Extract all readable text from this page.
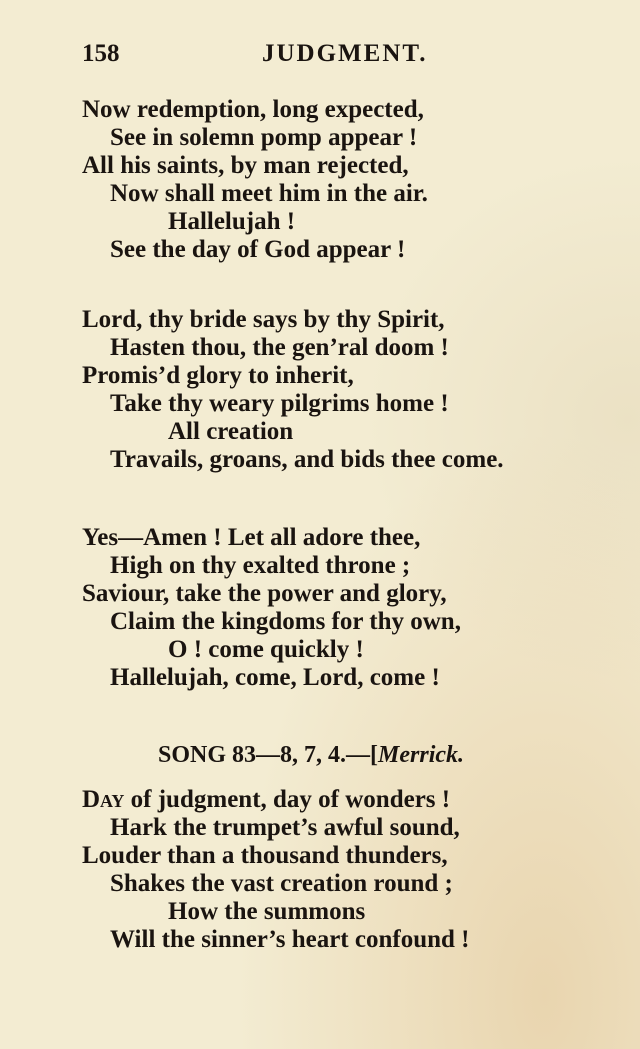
158	JUDGMENT.
Now redemption, long expected,
See in solemn pomp appear !
All his saints, by man rejected,
Now shall meet him in the air.
Hallelujah !
See the day of God appear !
Lord, thy bride says by thy Spirit,
Hasten thou, the gen’ral doom !
Promis’d glory to inherit,
Take thy weary pilgrims home !
All creation
Travails, groans, and bids thee come.
Yes—Amen ! Let all adore thee,
High on thy exalted throne ;
Saviour, take the power and glory,
Claim the kingdoms for thy own,
O ! come quickly !
Hallelujah, come, Lord, come !
SONG 83—8, 7, 4.—[Merrick.
Day of judgment, day of wonders !
Hark the trumpet’s awful sound,
Louder than a thousand thunders,
Shakes the vast creation round ;
How the summons
Will the sinner’s heart confound !
